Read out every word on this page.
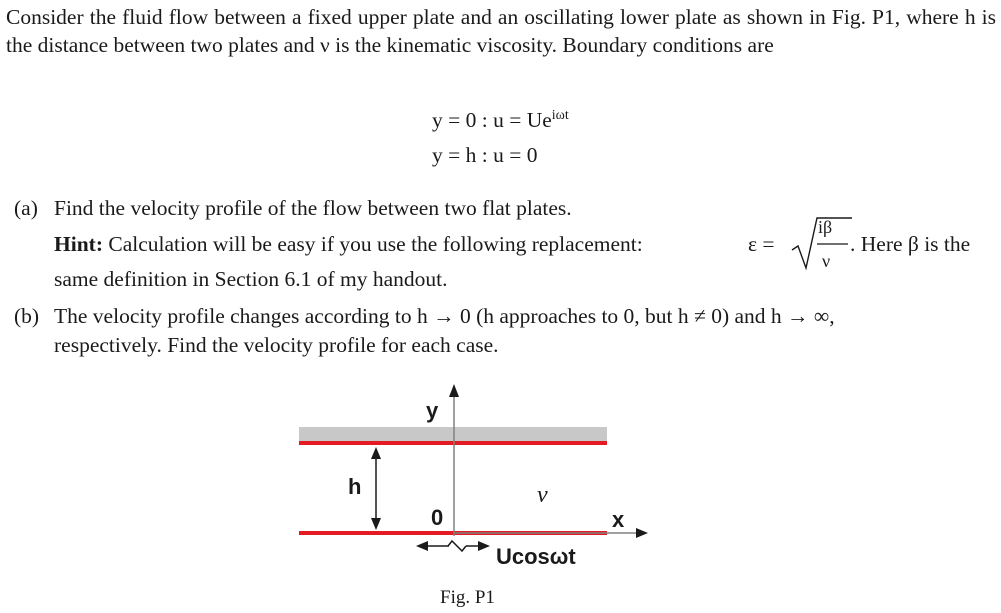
Consider the fluid flow between a fixed upper plate and an oscillating lower plate as shown in Fig. P1, where h is the distance between two plates and ν is the kinematic viscosity. Boundary conditions are

y = 0 : $u = Ue^{i\omega t}$
y = h : u = 0
(a) Find the velocity profile of the flow between two flat plates.
Hint: Calculation will be easy if you use the following replacement:	ε =
iβ
ν
. Here β is the
same definition in Section 6.1 of my handout.
(b) The velocity profile changes according to h → 0 (h approaches to 0, but h ≠ 0) and h → ∞,
respectively. Find the velocity profile for each case.
y
x
h
0
ν
Ucosωt
Fig. P1
